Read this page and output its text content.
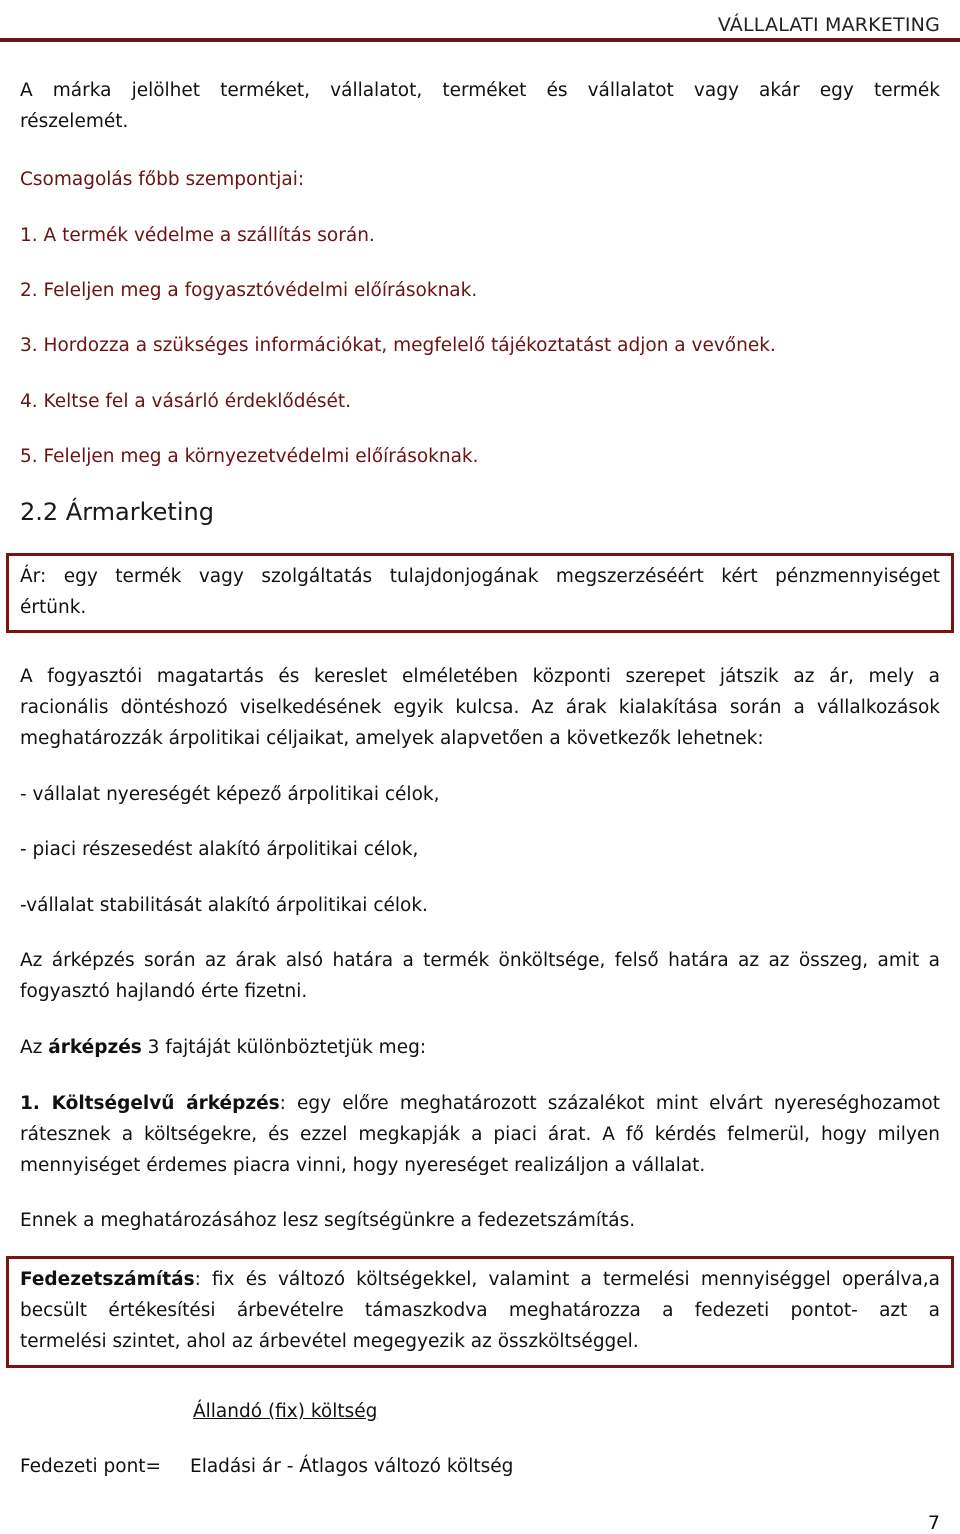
VÁLLALATI MARKETING
A márka jelölhet terméket, vállalatot, terméket és vállalatot vagy akár egy termék
részelemét.
Csomagolás főbb szempontjai:
1. A termék védelme a szállítás során.
2. Feleljen meg a fogyasztóvédelmi előírásoknak.
3. Hordozza a szükséges információkat, megfelelő tájékoztatást adjon a vevőnek.
4. Keltse fel a vásárló érdeklődését.
5. Feleljen meg a környezetvédelmi előírásoknak.
2.2 Ármarketing
Ár: egy termék vagy szolgáltatás tulajdonjogának megszerzéséért kért pénzmennyiséget
értünk.
A fogyasztói magatartás és kereslet elméletében központi szerepet játszik az ár, mely a
racionális döntéshozó viselkedésének egyik kulcsa. Az árak kialakítása során a vállalkozások
meghatározzák árpolitikai céljaikat, amelyek alapvetően a következők lehetnek:
- vállalat nyereségét képező árpolitikai célok,
- piaci részesedést alakító árpolitikai célok,
-vállalat stabilitását alakító árpolitikai célok.
Az árképzés során az árak alsó határa a termék önköltsége, felső határa az az összeg, amit a
fogyasztó hajlandó érte fizetni.
Az árképzés 3 fajtáját különböztetjük meg:
1. Költségelvű árképzés: egy előre meghatározott százalékot mint elvárt nyereséghozamot
rátesznek a költségekre, és ezzel megkapják a piaci árat. A fő kérdés felmerül, hogy milyen
mennyiséget érdemes piacra vinni, hogy nyereséget realizáljon a vállalat.
Ennek a meghatározásához lesz segítségünkre a fedezetszámítás.
Fedezetszámítás: fix és változó költségekkel, valamint a termelési mennyiséggel operálva,a
becsült értékesítési árbevételre támaszkodva meghatározza a fedezeti pontot- azt a
termelési szintet, ahol az árbevétel megegyezik az összköltséggel.
Állandó (fix) költség
Fedezeti pont= Eladási ár - Átlagos változó költség
7
